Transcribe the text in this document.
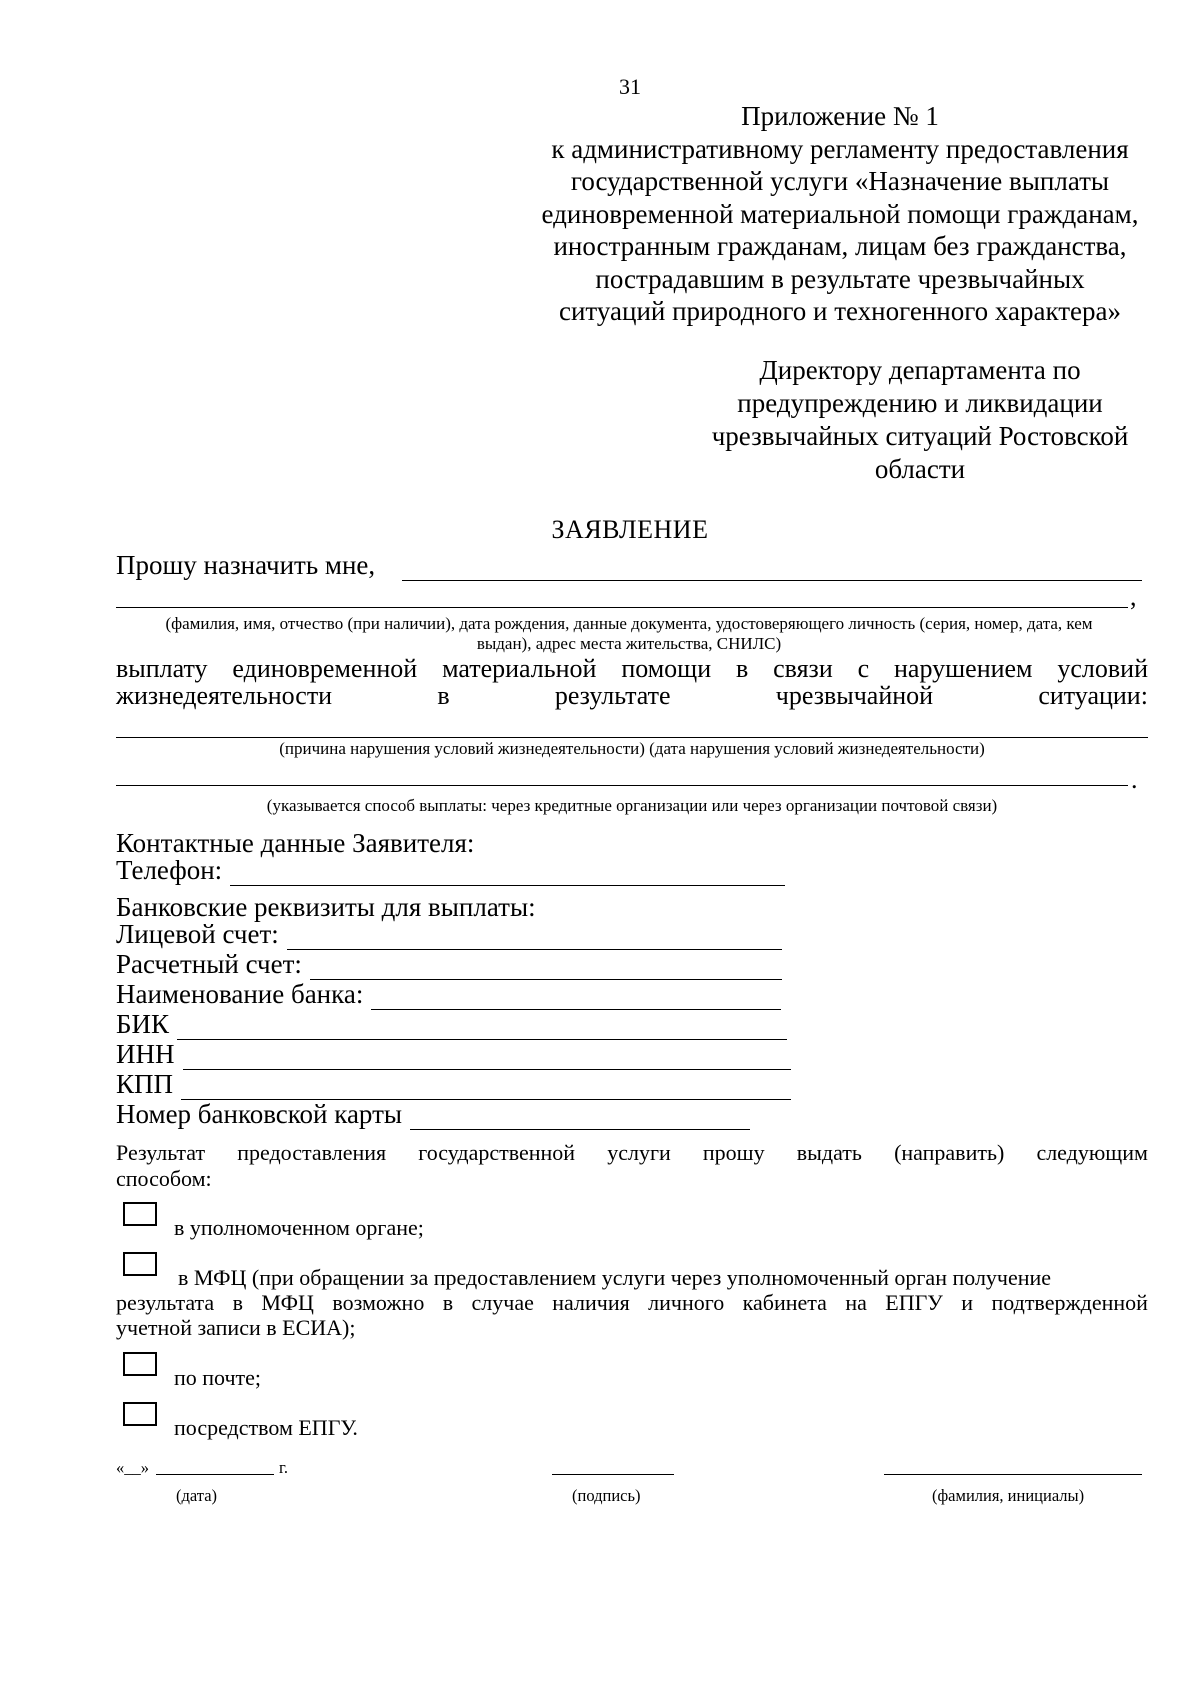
31
Приложение № 1
к административному регламенту предоставления
государственной услуги «Назначение выплаты
единовременной материальной помощи гражданам,
иностранным гражданам, лицам без гражданства,
пострадавшим в результате чрезвычайных
ситуаций природного и техногенного характера»
Директору департамента по
предупреждению и ликвидации
чрезвычайных ситуаций Ростовской
области
ЗАЯВЛЕНИЕ
Прошу назначить мне,
,
(фамилия, имя, отчество (при наличии), дата рождения, данные документа, удостоверяющего личность (серия, номер, дата, кем
выдан), адрес места жительства, СНИЛС)
выплату единовременной материальной помощи в связи с нарушением условий
жизнедеятельности	в	результате	чрезвычайной	ситуации:
(причина нарушения условий жизнедеятельности) (дата нарушения условий жизнедеятельности)
.
(указывается способ выплаты: через кредитные организации или через организации почтовой связи)
Контактные данные Заявителя:
Телефон:
Банковские реквизиты для выплаты:
Лицевой счет:
Расчетный счет:
Наименование банка:
БИК
ИНН
КПП
Номер банковской карты
Результат предоставления государственной услуги прошу выдать (направить) следующим
способом:
в уполномоченном органе;
в МФЦ (при обращении за предоставлением услуги через уполномоченный орган получение
результата в МФЦ возможно в случае наличия личного кабинета на ЕПГУ и подтвержденной
учетной записи в ЕСИА);
по почте;
посредством ЕПГУ.
«__»	г.
(дата)	(подпись)	(фамилия, инициалы)
